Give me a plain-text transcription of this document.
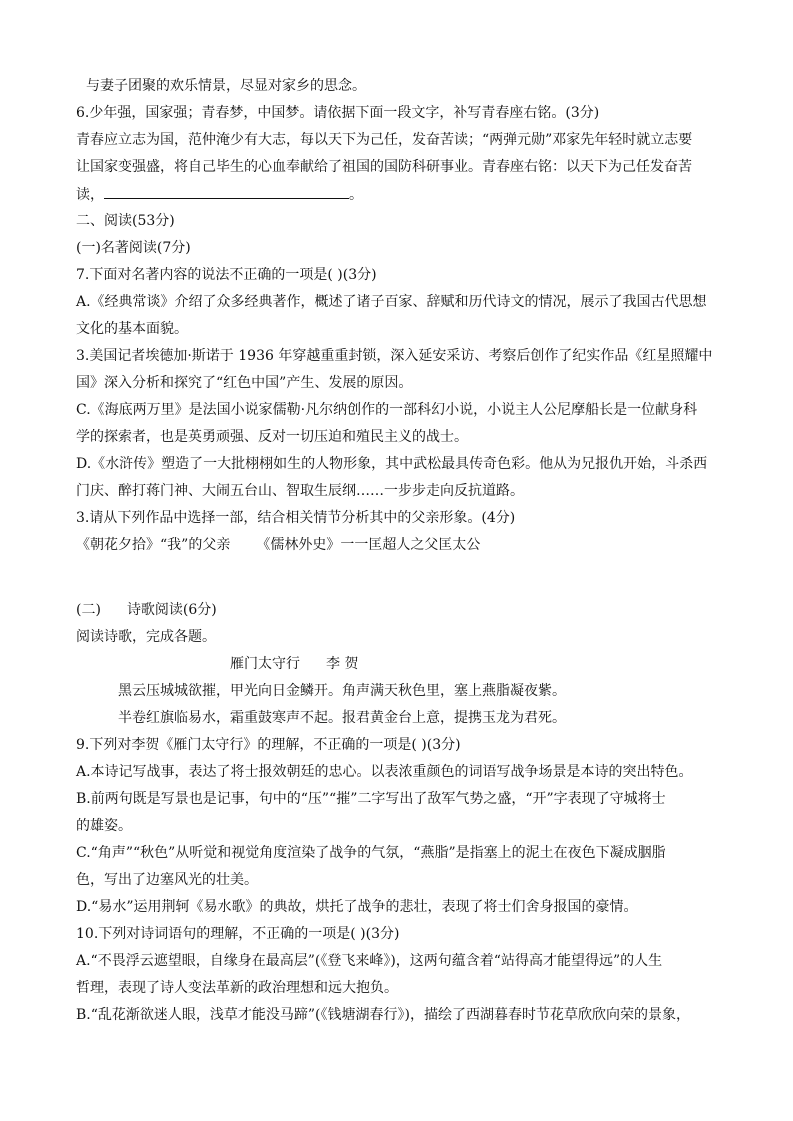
与妻子团聚的欢乐情景，尽显对家乡的思念。
6.少年强，国家强；青春梦，中国梦。请依据下面一段文字，补写青春座右铭。(3分)
青春应立志为国，范仲淹少有大志，每以天下为己任，发奋苦读；“两弹元勋”邓家先年轻时就立志要
让国家变强盛，将自己毕生的心血奉献给了祖国的国防科研事业。青春座右铭：以天下为己任发奋苦
读，	。
二、阅读(53分)
(一)名著阅读(7分)
7.下面对名著内容的说法不正确的一项是( )(3分)
A.《经典常谈》介绍了众多经典著作，概述了诸子百家、辞赋和历代诗文的情况，展示了我国古代思想
文化的基本面貌。
3.美国记者埃德加·斯诺于 1936 年穿越重重封锁，深入延安采访、考察后创作了纪实作品《红星照耀中
国》深入分析和探究了“红色中国”产生、发展的原因。
C.《海底两万里》是法国小说家儒勒·凡尔纳创作的一部科幻小说，小说主人公尼摩船长是一位献身科
学的探索者，也是英勇顽强、反对一切压迫和殖民主义的战士。
D.《水浒传》塑造了一大批栩栩如生的人物形象，其中武松最具传奇色彩。他从为兄报仇开始，斗杀西
门庆、醉打蒋门神、大闹五台山、智取生辰纲……一步步走向反抗道路。
3.请从下列作品中选择一部，结合相关情节分析其中的父亲形象。(4分)
《朝花夕拾》“我”的父亲 《儒林外史》一一匡超人之父匡太公
(二) 诗歌阅读(6分)
阅读诗歌，完成各题。
雁门太守行 李 贺
黑云压城城欲摧，甲光向日金鳞开。角声满天秋色里，塞上燕脂凝夜紫。
半卷红旗临易水，霜重鼓寒声不起。报君黄金台上意，提携玉龙为君死。
9.下列对李贺《雁门太守行》的理解，不正确的一项是( )(3分)
A.本诗记写战事，表达了将士报效朝廷的忠心。以表浓重颜色的词语写战争场景是本诗的突出特色。
B.前两句既是写景也是记事，句中的“压”“摧”二字写出了敌军气势之盛，“开”字表现了守城将士
的雄姿。
C.“角声”“秋色”从听觉和视觉角度渲染了战争的气氛，“燕脂”是指塞上的泥土在夜色下凝成胭脂
色，写出了边塞风光的壮美。
D.“易水”运用荆轲《易水歌》的典故，烘托了战争的悲壮，表现了将士们舍身报国的豪情。
10.下列对诗词语句的理解，不正确的一项是( )(3分)
A.“不畏浮云遮望眼，自缘身在最高层”(《登飞来峰》)，这两句蕴含着“站得高才能望得远”的人生
哲理，表现了诗人变法革新的政治理想和远大抱负。
B.“乱花渐欲迷人眼，浅草才能没马蹄”(《钱塘湖春行》)，描绘了西湖暮春时节花草欣欣向荣的景象，
